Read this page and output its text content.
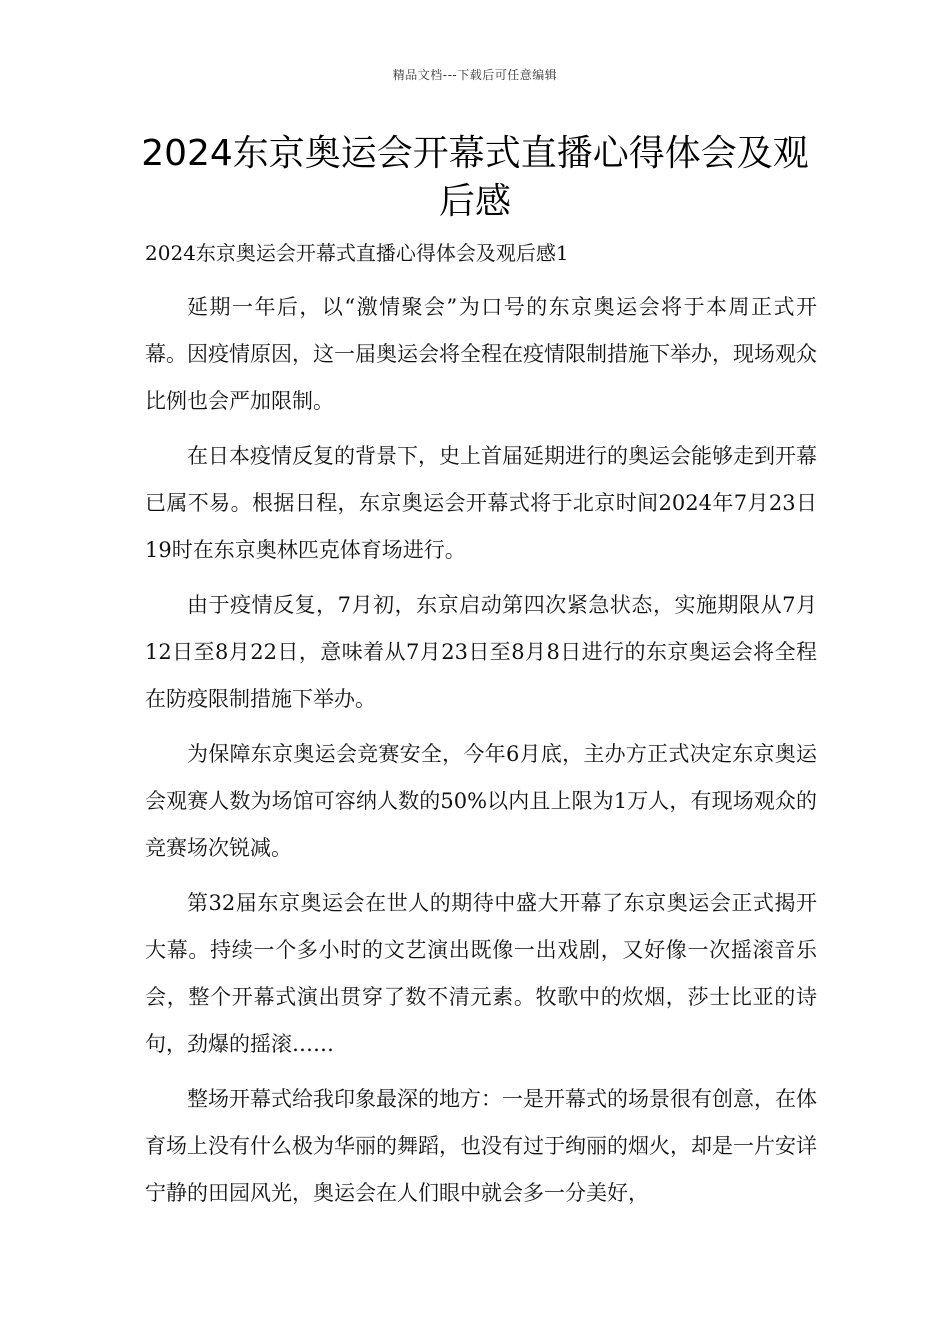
精品文档---下载后可任意编辑
2024东京奥运会开幕式直播心得体会及观后感

2024东京奥运会开幕式直播心得体会及观后感1

延期一年后，以“激情聚会”为口号的东京奥运会将于本周正式开幕。因疫情原因，这一届奥运会将全程在疫情限制措施下举办，现场观众比例也会严加限制。

在日本疫情反复的背景下，史上首届延期进行的奥运会能够走到开幕已属不易。根据日程，东京奥运会开幕式将于北京时间2024年7月23日19时在东京奥林匹克体育场进行。

由于疫情反复，7月初，东京启动第四次紧急状态，实施期限从7月12日至8月22日，意味着从7月23日至8月8日进行的东京奥运会将全程在防疫限制措施下举办。

为保障东京奥运会竞赛安全，今年6月底，主办方正式决定东京奥运会观赛人数为场馆可容纳人数的50%以内且上限为1万人，有现场观众的竞赛场次锐减。

第32届东京奥运会在世人的期待中盛大开幕了东京奥运会正式揭开大幕。持续一个多小时的文艺演出既像一出戏剧，又好像一次摇滚音乐会，整个开幕式演出贯穿了数不清元素。牧歌中的炊烟，莎士比亚的诗句，劲爆的摇滚……

整场开幕式给我印象最深的地方：一是开幕式的场景很有创意，在体育场上没有什么极为华丽的舞蹈，也没有过于绚丽的烟火，却是一片安详宁静的田园风光，奥运会在人们眼中就会多一分美好，
